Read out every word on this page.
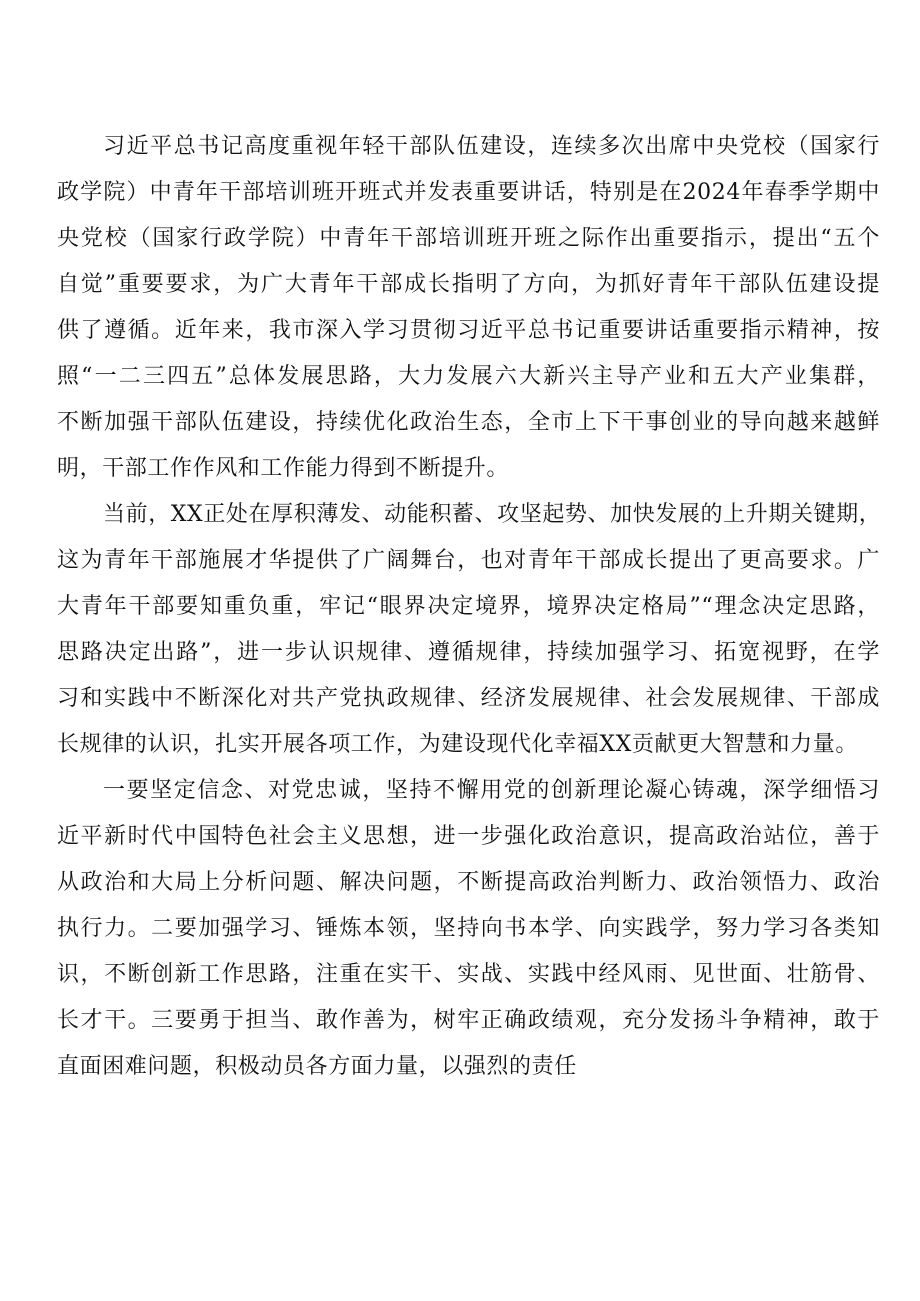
习近平总书记高度重视年轻干部队伍建设，连续多次出席中央党校（国家行
政学院）中青年干部培训班开班式并发表重要讲话，特别是在2024年春季学期中
央党校（国家行政学院）中青年干部培训班开班之际作出重要指示，提出“五个
自觉”重要要求，为广大青年干部成长指明了方向，为抓好青年干部队伍建设提
供了遵循。近年来，我市深入学习贯彻习近平总书记重要讲话重要指示精神，按
照“一二三四五”总体发展思路，大力发展六大新兴主导产业和五大产业集群，
不断加强干部队伍建设，持续优化政治生态，全市上下干事创业的导向越来越鲜
明，干部工作作风和工作能力得到不断提升。
当前，XX正处在厚积薄发、动能积蓄、攻坚起势、加快发展的上升期关键期，
这为青年干部施展才华提供了广阔舞台，也对青年干部成长提出了更高要求。广
大青年干部要知重负重，牢记“眼界决定境界，境界决定格局”“理念决定思路，
思路决定出路”，进一步认识规律、遵循规律，持续加强学习、拓宽视野，在学
习和实践中不断深化对共产党执政规律、经济发展规律、社会发展规律、干部成
长规律的认识，扎实开展各项工作，为建设现代化幸福XX贡献更大智慧和力量。
一要坚定信念、对党忠诚，坚持不懈用党的创新理论凝心铸魂，深学细悟习
近平新时代中国特色社会主义思想，进一步强化政治意识，提高政治站位，善于
从政治和大局上分析问题、解决问题，不断提高政治判断力、政治领悟力、政治
执行力。二要加强学习、锤炼本领，坚持向书本学、向实践学，努力学习各类知
识，不断创新工作思路，注重在实干、实战、实践中经风雨、见世面、壮筋骨、
长才干。三要勇于担当、敢作善为，树牢正确政绩观，充分发扬斗争精神，敢于
直面困难问题，积极动员各方面力量，以强烈的责任
